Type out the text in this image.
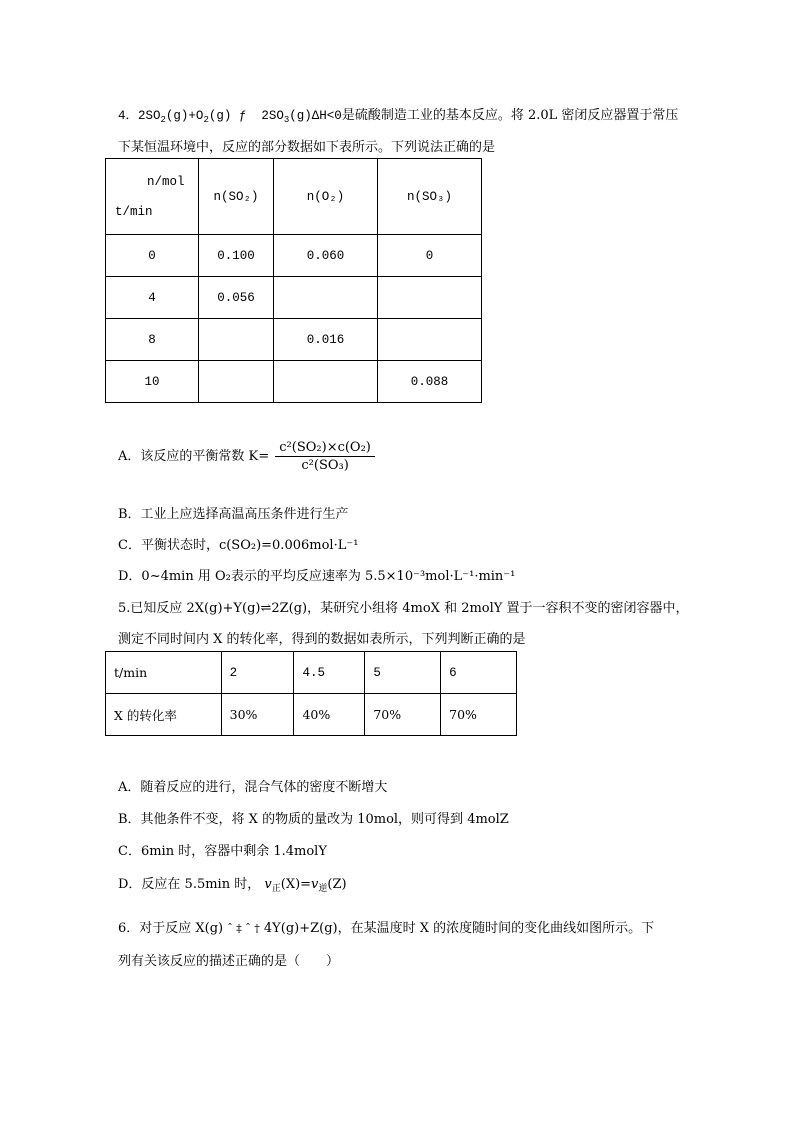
4．$2SO_2(g)+O_2(g)$ ƒ $2SO_3(g)\Delta H<0$是硫酸制造工业的基本反应。将 2.0L 密闭反应器置于常压
下某恒温环境中，反应的部分数据如下表所示。下列说法正确的是
n/mol
t/min	n(SO₂)	n(O₂)	n(SO₃)
0	0.100	0.060	0
4	0.056		
8		0.016	
10			0.088
A．该反应的平衡常数 $K= \frac{\text{c²(SO₂)×c(O₂)}}{\text{c²(SO₃)}}$
B．工业上应选择高温高压条件进行生产
C．平衡状态时，c(SO₂)=0.006mol·L⁻¹
D．0~4min 用 O₂表示的平均反应速率为 5.5×10⁻³mol·L⁻¹·min⁻¹
5.已知反应 2X(g)+Y(g)⇌2Z(g)，某研究小组将 4moX 和 2molY 置于一容积不变的密闭容器中，
测定不同时间内 X 的转化率，得到的数据如表所示，下列判断正确的是
t/min	2	4.5	5	6
X 的转化率	30%	40%	70%	70%
A．随着反应的进行，混合气体的密度不断增大
B．其他条件不变，将 X 的物质的量改为 10mol，则可得到 4molZ
C．6min 时，容器中剩余 1.4molY
D．反应在 5.5min 时， $v_正(X)=v_逆(Z)$
6．对于反应 X(g) ˆ ‡ ˆ † 4Y(g)+Z(g)，在某温度时 X 的浓度随时间的变化曲线如图所示。下
列有关该反应的描述正确的是（　　）
